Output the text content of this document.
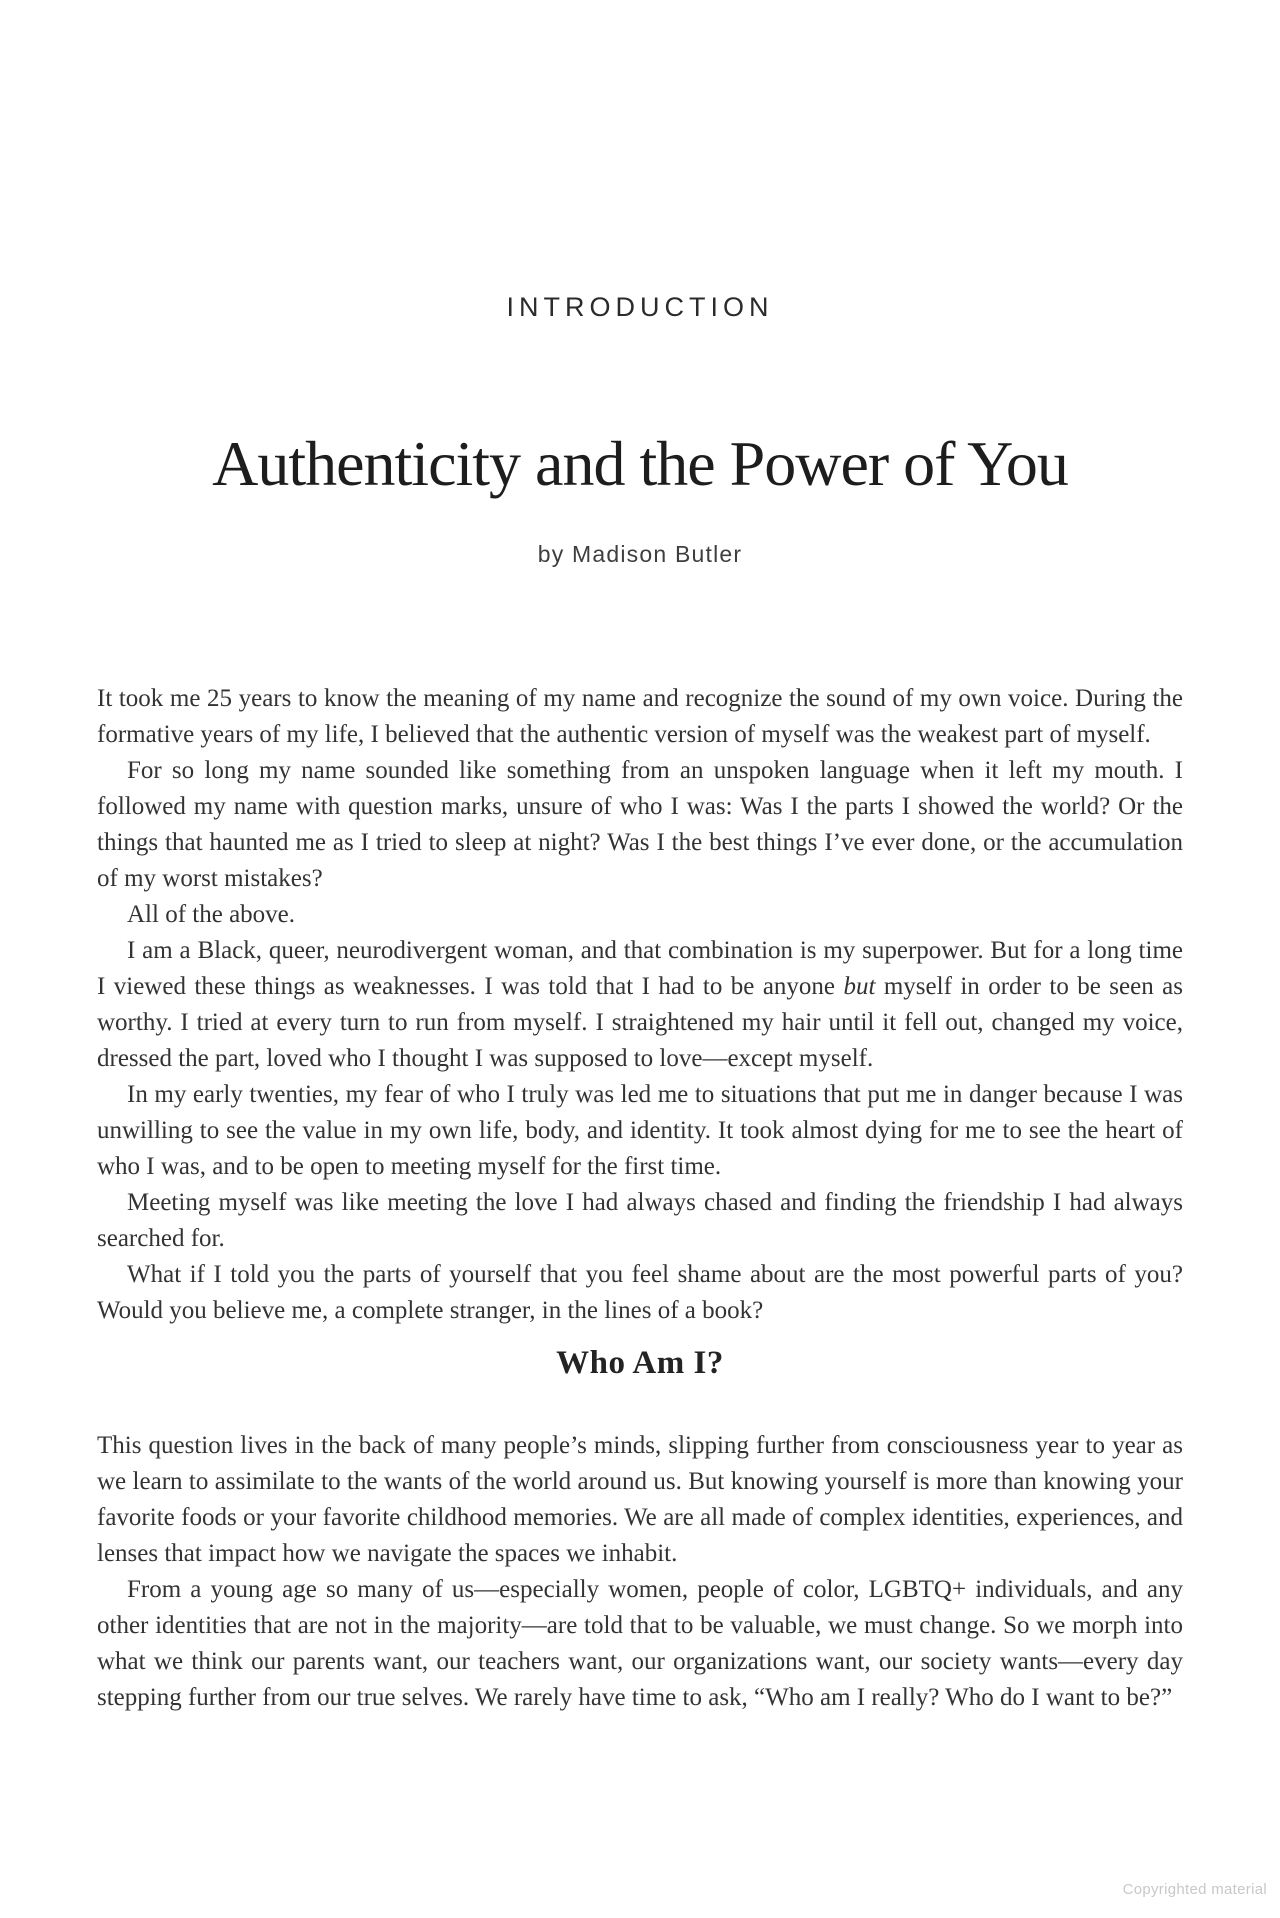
INTRODUCTION
Authenticity and the Power of You
by Madison Butler

It took me 25 years to know the meaning of my name and recognize the sound of my own voice. During the formative years of my life, I believed that the authentic version of myself was the weakest part of myself.

For so long my name sounded like something from an unspoken language when it left my mouth. I followed my name with question marks, unsure of who I was: Was I the parts I showed the world? Or the things that haunted me as I tried to sleep at night? Was I the best things I’ve ever done, or the accumulation of my worst mistakes?

All of the above.

I am a Black, queer, neurodivergent woman, and that combination is my superpower. But for a long time I viewed these things as weaknesses. I was told that I had to be anyone but myself in order to be seen as worthy. I tried at every turn to run from myself. I straightened my hair until it fell out, changed my voice, dressed the part, loved who I thought I was supposed to love—except myself.

In my early twenties, my fear of who I truly was led me to situations that put me in danger because I was unwilling to see the value in my own life, body, and identity. It took almost dying for me to see the heart of who I was, and to be open to meeting myself for the first time.

Meeting myself was like meeting the love I had always chased and finding the friendship I had always searched for.

What if I told you the parts of yourself that you feel shame about are the most powerful parts of you? Would you believe me, a complete stranger, in the lines of a book?

Who Am I?

This question lives in the back of many people’s minds, slipping further from consciousness year to year as we learn to assimilate to the wants of the world around us. But knowing yourself is more than knowing your favorite foods or your favorite childhood memories. We are all made of complex identities, experiences, and lenses that impact how we navigate the spaces we inhabit.

From a young age so many of us—especially women, people of color, LGBTQ+ individuals, and any other identities that are not in the majority—are told that to be valuable, we must change. So we morph into what we think our parents want, our teachers want, our organizations want, our society wants—every day stepping further from our true selves. We rarely have time to ask, “Who am I really? Who do I want to be?”

Copyrighted material
